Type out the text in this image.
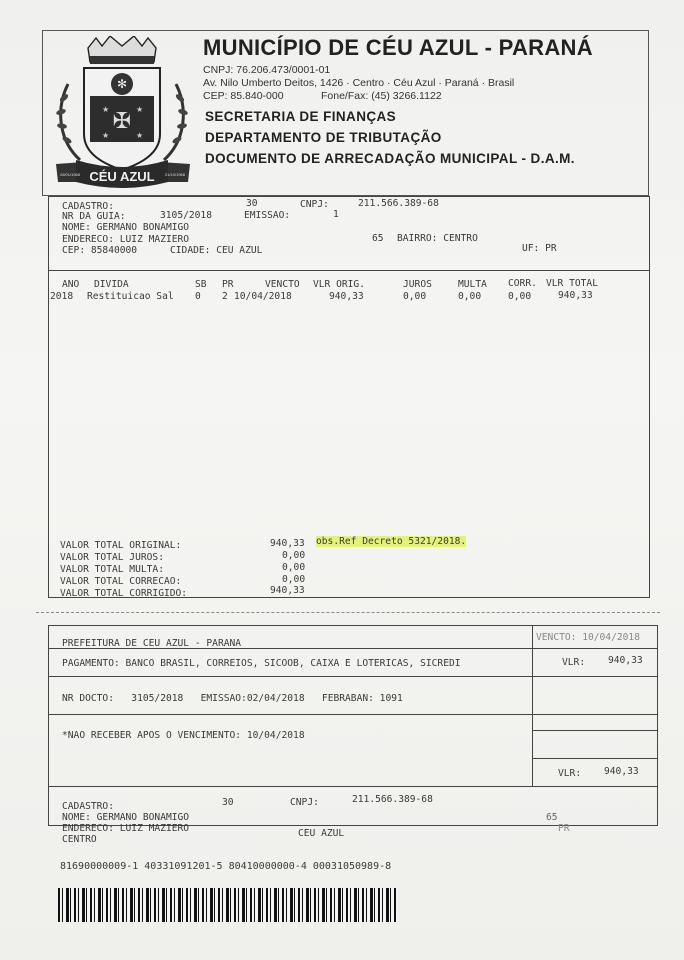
✻
✠
★	★
★	★
CÉU AZUL
26/01/1968	21/10/1968
MUNICÍPIO DE CÉU AZUL - PARANÁ
CNPJ: 76.206.473/0001-01
Av. Nilo Umberto Deitos, 1426 · Centro · Céu Azul · Paraná · Brasil
CEP: 85.840-000	Fone/Fax: (45) 3266.1122
SECRETARIA DE FINANÇAS
DEPARTAMENTO DE TRIBUTAÇÃO
DOCUMENTO DE ARRECADAÇÃO MUNICIPAL - D.A.M.
CADASTRO:	30	CNPJ:	211.566.389-68
NR DA GUIA:	3105/2018	EMISSAO:	1
NOME: GERMANO BONAMIGO
ENDERECO: LUIZ MAZIERO	65 BAIRRO: CENTRO
CEP: 85840000	CIDADE: CEU AZUL	UF: PR
ANO DIVIDA	SB PR	VENCTO VLR ORIG.	JUROS	MULTA CORR. VLR TOTAL
2018 Restituicao Sal 0 2 10/04/2018	940,33	0,00	0,00	0,00	940,33
VALOR TOTAL ORIGINAL:	940,33 obs.Ref Decreto 5321/2018.
VALOR TOTAL JUROS:	0,00
VALOR TOTAL MULTA:	0,00
VALOR TOTAL CORRECAO:	0,00
VALOR TOTAL CORRIGIDO:	940,33
PREFEITURA DE CEU AZUL - PARANA
VENCTO: 10/04/2018
PAGAMENTO: BANCO BRASIL, CORREIOS, SICOOB, CAIXA E LOTERICAS, SICREDI	VLR: 940,33
NR DOCTO:   3105/2018   EMISSAO:02/04/2018   FEBRABAN: 1091
*NAO RECEBER APOS O VENCIMENTO: 10/04/2018
VLR: 940,33
CADASTRO:	30	CNPJ:	211.566.389-68
NOME: GERMANO BONAMIGO	65
ENDERECO: LUIZ MAZIERO
CENTRO
CEU AZUL	PR
81690000009-1 40331091201-5 80410000000-4 00031050989-8
